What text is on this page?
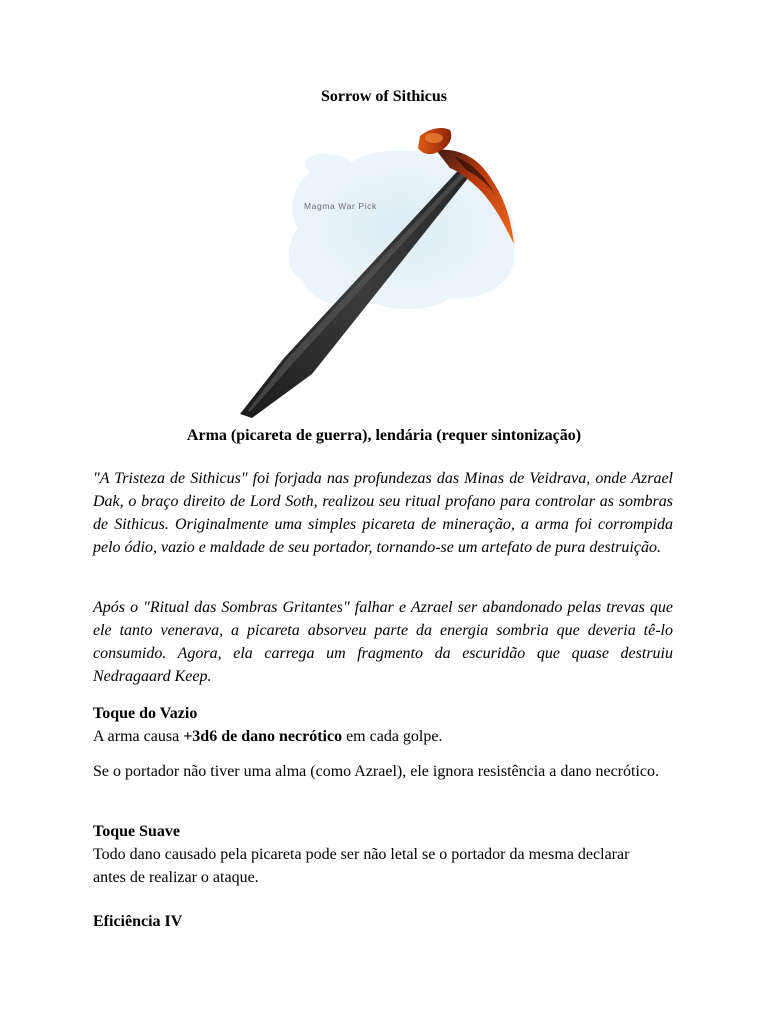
Sorrow of Sithicus
Magma War Pick
Arma (picareta de guerra), lendária (requer sintonização)

"A Tristeza de Sithicus" foi forjada nas profundezas das Minas de Veidrava, onde Azrael Dak, o braço direito de Lord Soth, realizou seu ritual profano para controlar as sombras de Sithicus. Originalmente uma simples picareta de mineração, a arma foi corrompida pelo ódio, vazio e maldade de seu portador, tornando-se um artefato de pura destruição.

Após o "Ritual das Sombras Gritantes" falhar e Azrael ser abandonado pelas trevas que ele tanto venerava, a picareta absorveu parte da energia sombria que deveria tê-lo consumido. Agora, ela carrega um fragmento da escuridão que quase destruiu Nedragaard Keep.

Toque do Vazio

A arma causa +3d6 de dano necrótico em cada golpe.

Se o portador não tiver uma alma (como Azrael), ele ignora resistência a dano necrótico.

Toque Suave

Todo dano causado pela picareta pode ser não letal se o portador da mesma declarar antes de realizar o ataque.

Eficiência IV
